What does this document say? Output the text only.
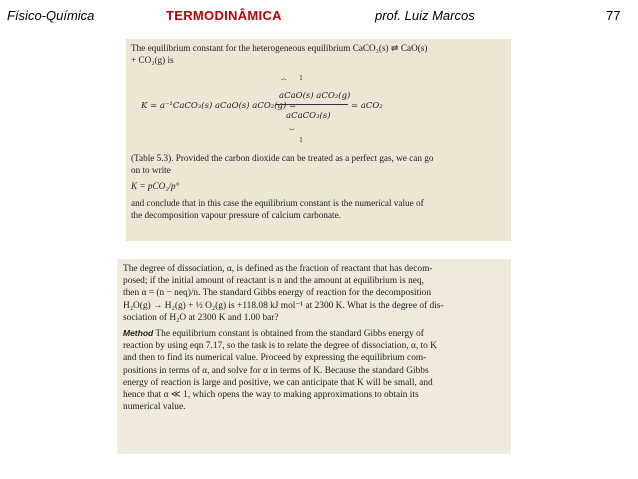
Físico-Química	TERMODINÂMICA	prof. Luiz Marcos	77

The equilibrium constant for the heterogeneous equilibrium CaCO₃(s) ⇌ CaO(s)

+ CO₂(g) is

K = a⁻¹CaCO₃(s) aCaO(s) aCO₂(g) =
1
⏞
aCaO(s) aCO₂(g)
aCaCO₃(s)
⏟
1
= aCO₂

(Table 5.3). Provided the carbon dioxide can be treated as a perfect gas, we can go

on to write

K = pCO₂/p°

and conclude that in this case the equilibrium constant is the numerical value of

the decomposition vapour pressure of calcium carbonate.

The degree of dissociation, α, is defined as the fraction of reactant that has decom-

posed; if the initial amount of reactant is n and the amount at equilibrium is neq,

then α = (n − neq)/n. The standard Gibbs energy of reaction for the decomposition

H₂O(g) → H₂(g) + ½ O₂(g) is +118.08 kJ mol⁻¹ at 2300 K. What is the degree of dis-

sociation of H₂O at 2300 K and 1.00 bar?

Method The equilibrium constant is obtained from the standard Gibbs energy of

reaction by using eqn 7.17, so the task is to relate the degree of dissociation, α, to K

and then to find its numerical value. Proceed by expressing the equilibrium com-

positions in terms of α, and solve for α in terms of K. Because the standard Gibbs

energy of reaction is large and positive, we can anticipate that K will be small, and

hence that α ≪ 1, which opens the way to making approximations to obtain its

numerical value.
